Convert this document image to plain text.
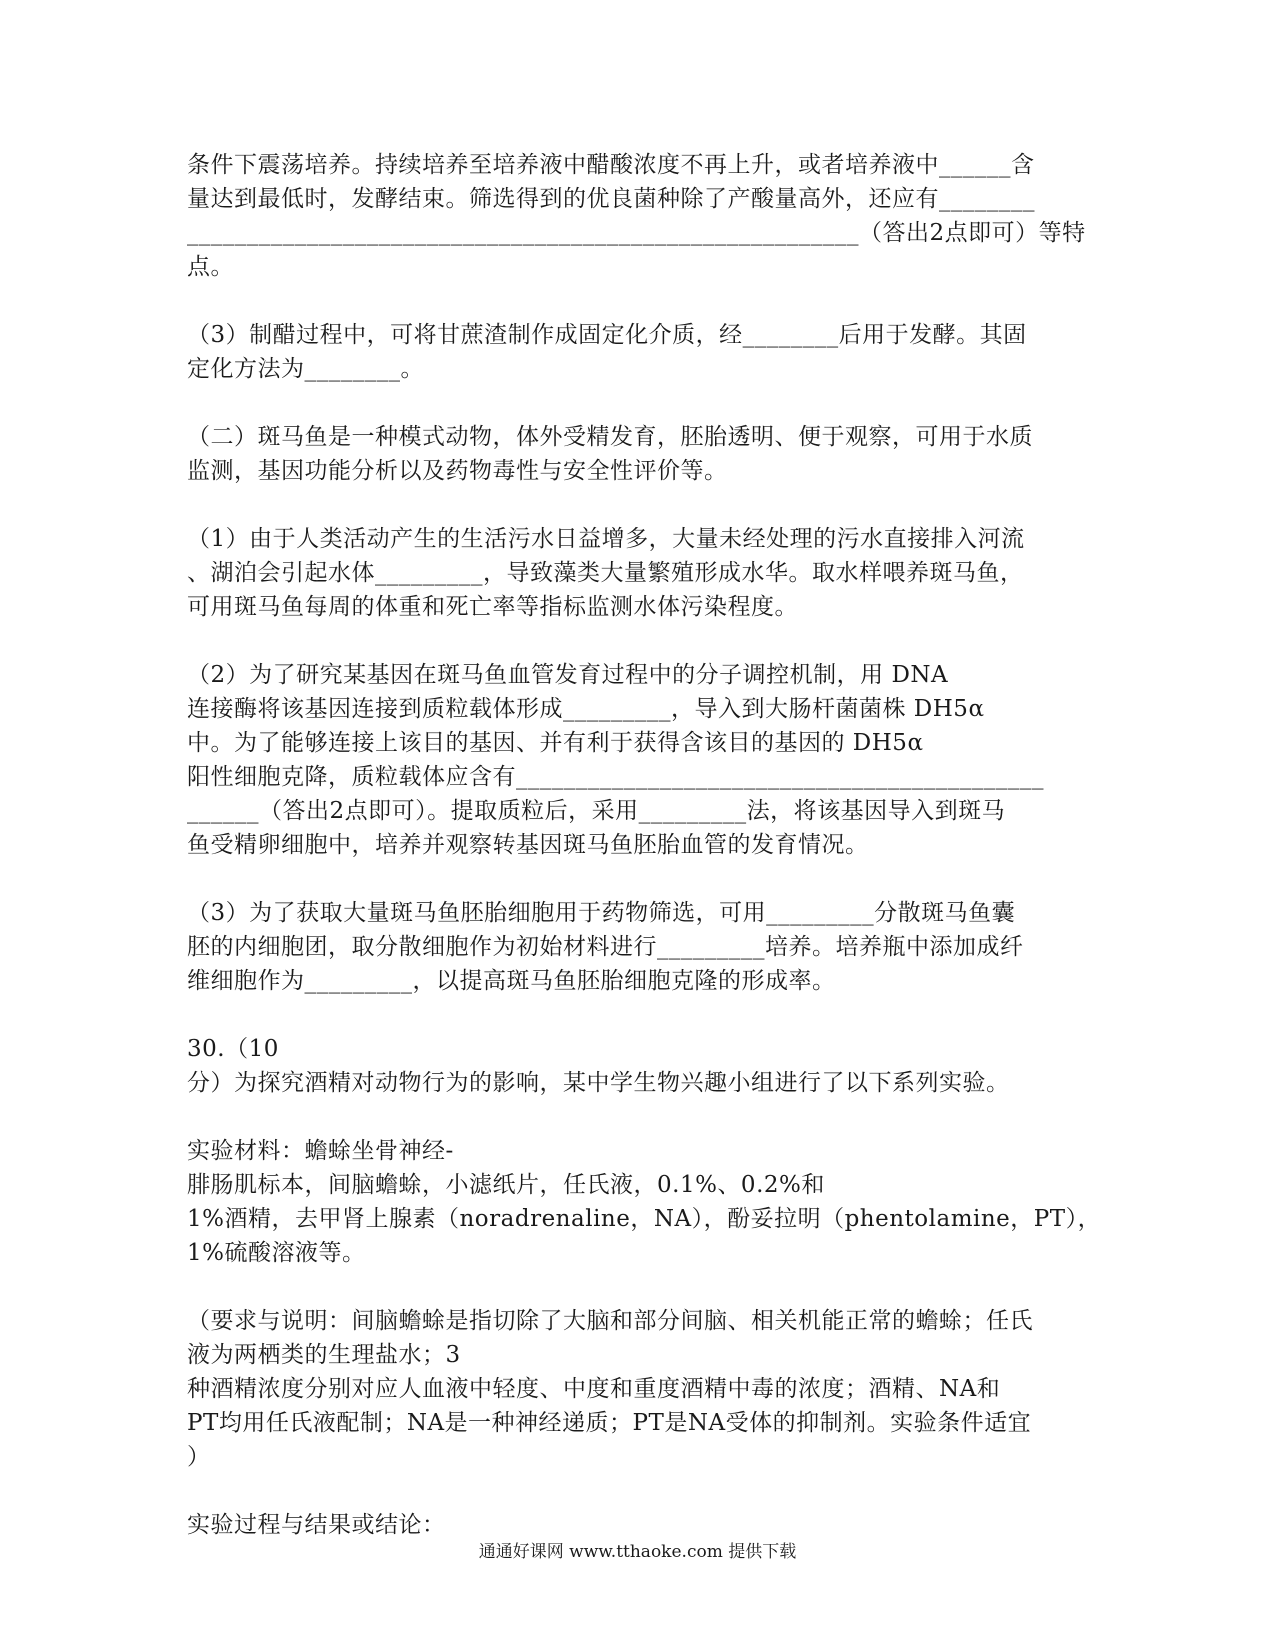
条件下震荡培养。持续培养至培养液中醋酸浓度不再上升，或者培养液中______含
量达到最低时，发酵结束。筛选得到的优良菌种除了产酸量高外，还应有________
________________________________________________________（答出2点即可）等特
点。
（3）制醋过程中，可将甘蔗渣制作成固定化介质，经________后用于发酵。其固
定化方法为________。
（二）斑马鱼是一种模式动物，体外受精发育，胚胎透明、便于观察，可用于水质
监测，基因功能分析以及药物毒性与安全性评价等。
（1）由于人类活动产生的生活污水日益增多，大量未经处理的污水直接排入河流
、湖泊会引起水体_________，导致藻类大量繁殖形成水华。取水样喂养斑马鱼，
可用斑马鱼每周的体重和死亡率等指标监测水体污染程度。
（2）为了研究某基因在斑马鱼血管发育过程中的分子调控机制，用 DNA
连接酶将该基因连接到质粒载体形成_________，导入到大肠杆菌菌株 DH5α
中。为了能够连接上该目的基因、并有利于获得含该目的基因的 DH5α
阳性细胞克降，质粒载体应含有____________________________________________
______（答出2点即可）。提取质粒后，采用_________法，将该基因导入到斑马
鱼受精卵细胞中，培养并观察转基因斑马鱼胚胎血管的发育情况。
（3）为了获取大量斑马鱼胚胎细胞用于药物筛选，可用_________分散斑马鱼囊
胚的内细胞团，取分散细胞作为初始材料进行_________培养。培养瓶中添加成纤
维细胞作为_________，以提高斑马鱼胚胎细胞克隆的形成率。
30.（10
分）为探究酒精对动物行为的影响，某中学生物兴趣小组进行了以下系列实验。
实验材料：蟾蜍坐骨神经-
腓肠肌标本，间脑蟾蜍，小滤纸片，任氏液，0.1%、0.2%和
1%酒精，去甲肾上腺素（noradrenaline，NA），酚妥拉明（phentolamine，PT），
1%硫酸溶液等。
（要求与说明：间脑蟾蜍是指切除了大脑和部分间脑、相关机能正常的蟾蜍；任氏
液为两栖类的生理盐水；3
种酒精浓度分别对应人血液中轻度、中度和重度酒精中毒的浓度；酒精、NA和
PT均用任氏液配制；NA是一种神经递质；PT是NA受体的抑制剂。实验条件适宜
）
实验过程与结果或结论：
通通好课网 www.tthaoke.com 提供下载
